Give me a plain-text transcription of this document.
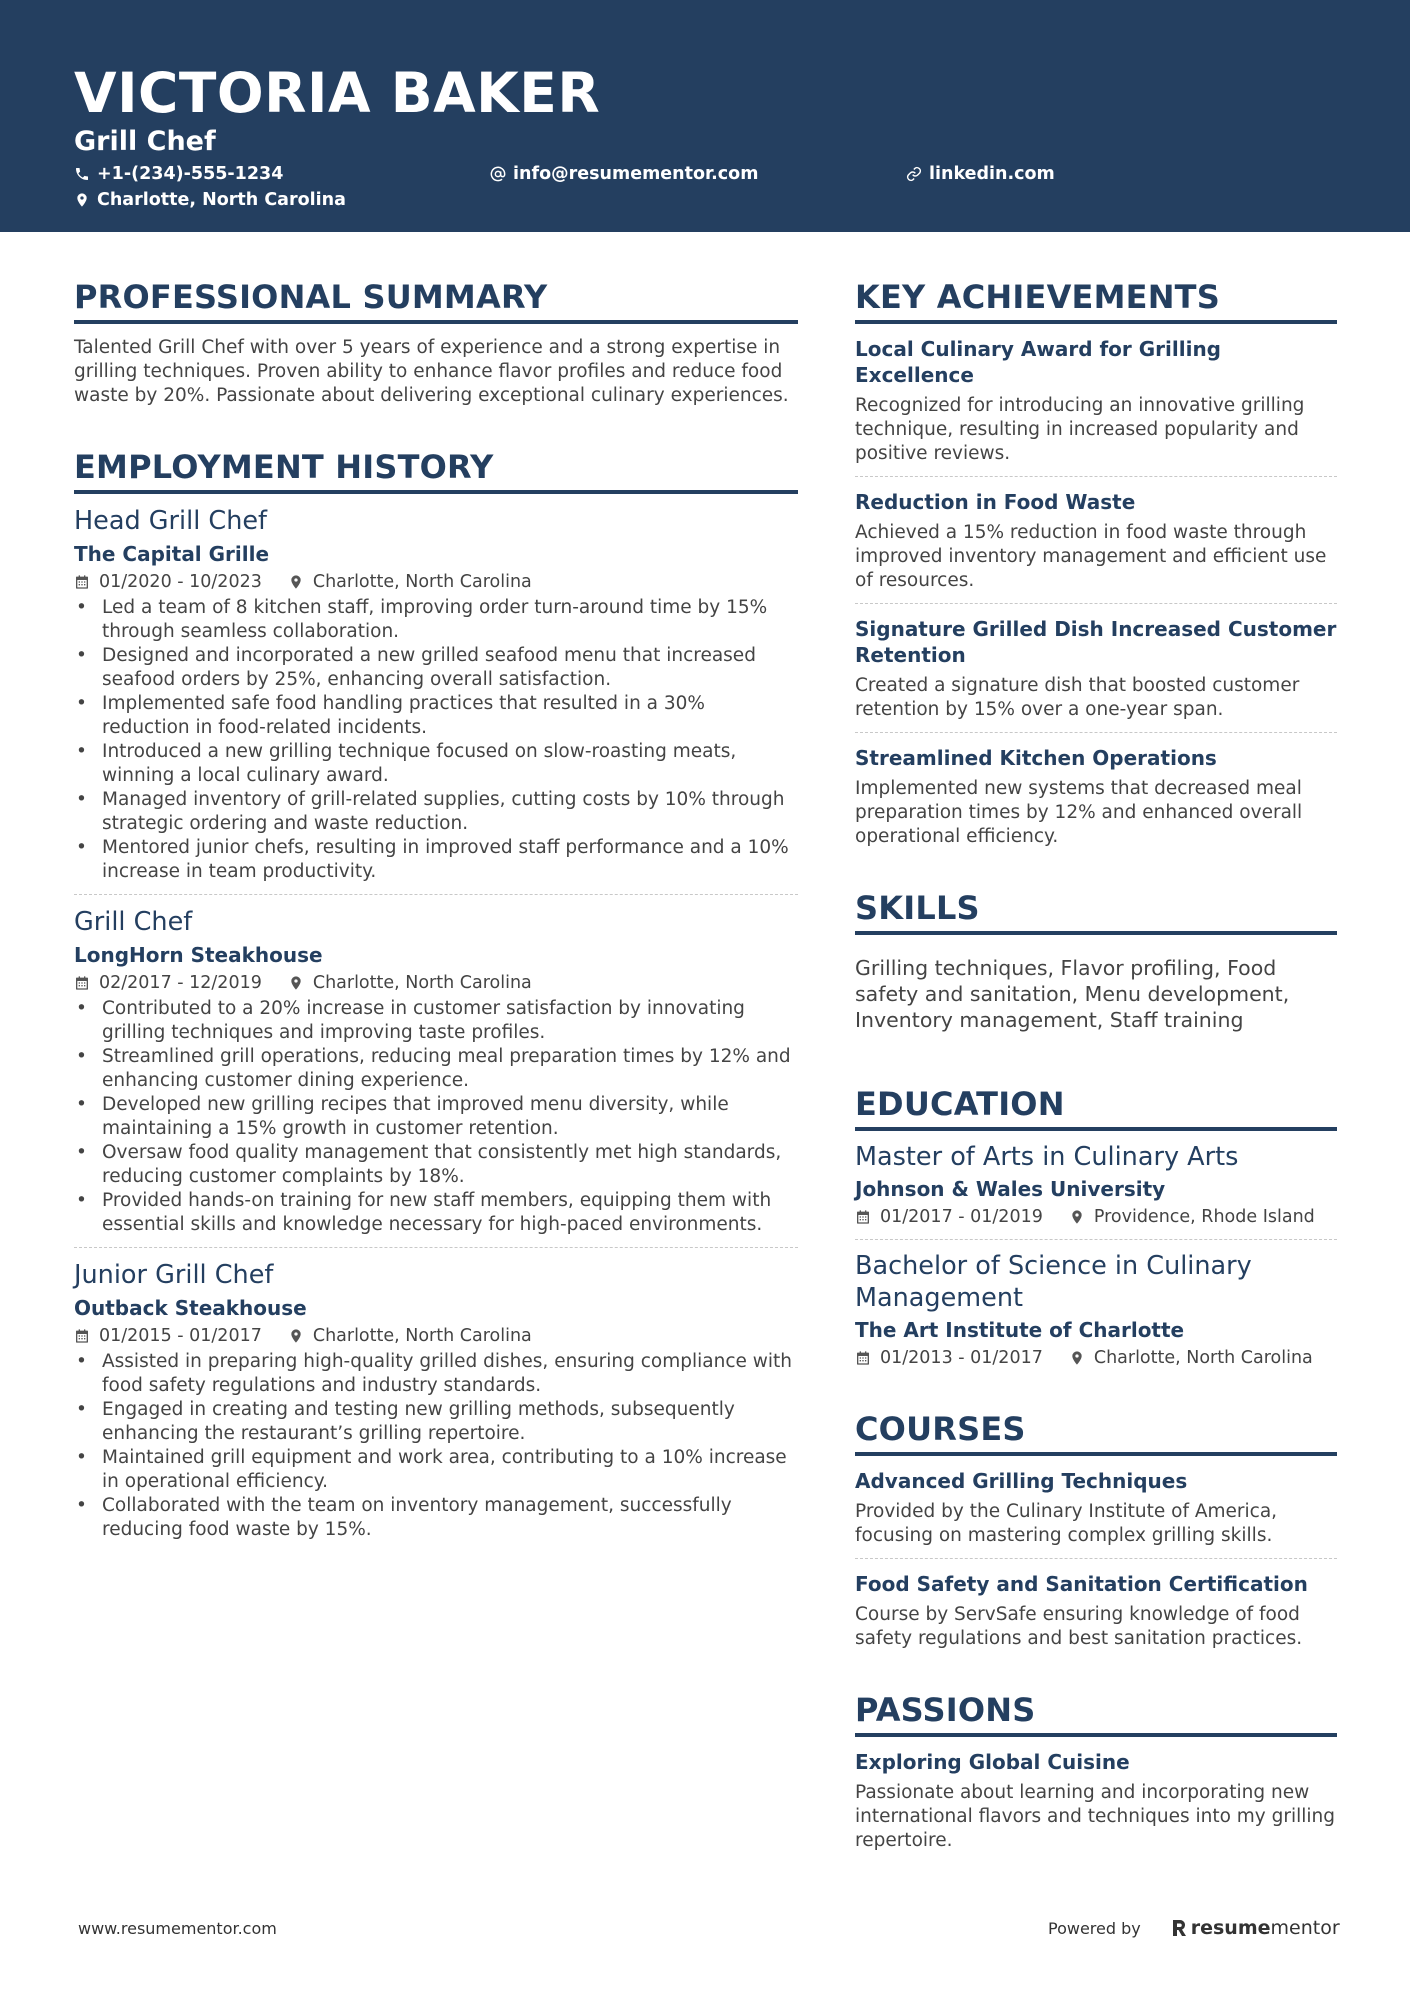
VICTORIA BAKER
Grill Chef
+1-(234)-555-1234	info@resumementor.com	linkedin.com
Charlotte, North Carolina
PROFESSIONAL SUMMARY
Talented Grill Chef with over 5 years of experience and a strong expertise in grilling techniques. Proven ability to enhance flavor profiles and reduce food waste by 20%. Passionate about delivering exceptional culinary experiences.
EMPLOYMENT HISTORY
Head Grill Chef
The Capital Grille
01/2020 - 10/2023	Charlotte, North Carolina
• Led a team of 8 kitchen staff, improving order turn-around time by 15% through seamless collaboration.
• Designed and incorporated a new grilled seafood menu that increased seafood orders by 25%, enhancing overall satisfaction.
• Implemented safe food handling practices that resulted in a 30% reduction in food-related incidents.
• Introduced a new grilling technique focused on slow-roasting meats, winning a local culinary award.
• Managed inventory of grill-related supplies, cutting costs by 10% through strategic ordering and waste reduction.
• Mentored junior chefs, resulting in improved staff performance and a 10% increase in team productivity.
Grill Chef
LongHorn Steakhouse
02/2017 - 12/2019	Charlotte, North Carolina
• Contributed to a 20% increase in customer satisfaction by innovating grilling techniques and improving taste profiles.
• Streamlined grill operations, reducing meal preparation times by 12% and enhancing customer dining experience.
• Developed new grilling recipes that improved menu diversity, while maintaining a 15% growth in customer retention.
• Oversaw food quality management that consistently met high standards, reducing customer complaints by 18%.
• Provided hands-on training for new staff members, equipping them with essential skills and knowledge necessary for high-paced environments.
Junior Grill Chef
Outback Steakhouse
01/2015 - 01/2017	Charlotte, North Carolina
• Assisted in preparing high-quality grilled dishes, ensuring compliance with food safety regulations and industry standards.
• Engaged in creating and testing new grilling methods, subsequently enhancing the restaurant’s grilling repertoire.
• Maintained grill equipment and work area, contributing to a 10% increase in operational efficiency.
• Collaborated with the team on inventory management, successfully reducing food waste by 15%.
KEY ACHIEVEMENTS
Local Culinary Award for Grilling Excellence
Recognized for introducing an innovative grilling technique, resulting in increased popularity and positive reviews.
Reduction in Food Waste
Achieved a 15% reduction in food waste through improved inventory management and efficient use of resources.
Signature Grilled Dish Increased Customer Retention
Created a signature dish that boosted customer retention by 15% over a one-year span.
Streamlined Kitchen Operations
Implemented new systems that decreased meal preparation times by 12% and enhanced overall operational efficiency.
SKILLS
Grilling techniques, Flavor profiling, Food safety and sanitation, Menu development, Inventory management, Staff training
EDUCATION
Master of Arts in Culinary Arts
Johnson & Wales University
01/2017 - 01/2019	Providence, Rhode Island
Bachelor of Science in Culinary Management
The Art Institute of Charlotte
01/2013 - 01/2017	Charlotte, North Carolina
COURSES
Advanced Grilling Techniques
Provided by the Culinary Institute of America, focusing on mastering complex grilling skills.
Food Safety and Sanitation Certification
Course by ServSafe ensuring knowledge of food safety regulations and best sanitation practices.
PASSIONS
Exploring Global Cuisine
Passionate about learning and incorporating new international flavors and techniques into my grilling repertoire.
www.resumementor.com	Powered by	resume mentor
